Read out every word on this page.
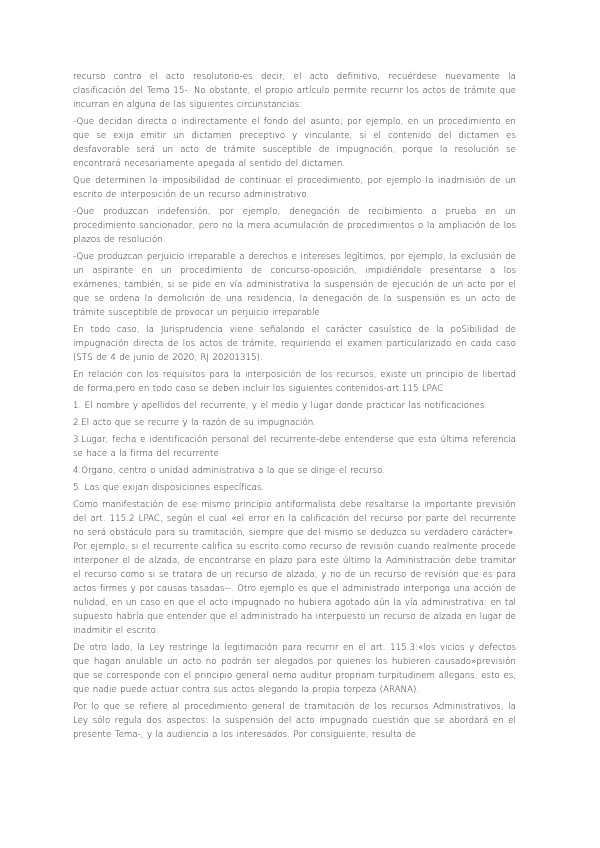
recurso contra el acto resolutorio-es decir, el acto definitivo, recuérdese nuevamente la clasificación del Tema 15-. No obstante, el propio artículo permite recurrir los actos de trámite que incurran en alguna de las siguientes circunstancias:

-Que decidan directa o indirectamente el fondo del asunto; por ejemplo, en un procedimiento en que se exija emitir un dictamen preceptivo y vinculante, si el contenido del dictamen es desfavorable será un acto de trámite susceptible de impugnación, porque la resolución se encontrará necesariamente apegada al sentido del dictamen.

Que determinen la imposibilidad de continuar el procedimiento, por ejemplo la inadmisión de un escrito de interposición de un recurso administrativo.

-Que produzcan indefensión, por ejemplo, denegación de recibimiento a prueba en un procedimiento sancionador, pero no la mera acumulación de procedimientos o la ampliación de los plazos de resolución.

-Que produzcan perjuicio irreparable a derechos e intereses legítimos, por ejemplo, la exclusión de un aspirante en un procedimiento de concurso-oposición, impidiéndole presentarse a los exámenes; también, si se pide en vía administrativa la suspensión de ejecución de un acto por el que se ordena la demolición de una residencia, la denegación de la suspensión es un acto de trámite susceptible de provocar un perjuicio irreparable

En todo caso, la Jurisprudencia viene señalando el carácter casuístico de la poSibilidad de impugnación directa de los actos de trámite, requiriendo el examen particularizado en cada caso (STS de 4 de junio de 2020, RJ 20201315).

En relación con los requisitos para la interposición de los recursos, existe un principio de libertad de forma,pero en todo caso se deben incluir los siguientes contenidos-art.115 LPAC

1. El nombre y apellidos del recurrente, y el medio y lugar donde practicar las notificaciones.

2.El acto que se recurre y la razón de su impugnación.

3.Lugar, fecha e identificación personal del recurrente-debe entenderse que esta última referencia se hace a la firma del recurrente

4.Organo, centro o unidad administrativa a la que se dirige el recurso.

5. Las que exijan disposiciones específicas.

Como manifestación de ese mismo principio antiformalista debe resaltarse la importante previsión del art. 115.2 LPAC, según el cual «el error en la calificación del recurso por parte del recurrente no será obstáculo para su tramitación, siempre que del mismo se deduzca su verdadero carácter». Por ejemplo, si el recurrente califica su escrito como recurso de revisión cuando realmente procede interponer el de alzada, de encontrarse en plazo para este último la Administración debe tramitar el recurso como si se tratara de un recurso de alzada, y no de un recurso de revisión que es para actos firmes y por causas tasadas--. Otro ejemplo es que el administrado interponga una acción de nulidad, en un caso en que el acto impugnado no hubiera agotado aún la vía administrativa: en tal supuesto habría que entender que el administrado ha interpuesto un recurso de alzada en lugar de inadmitir el escrito.

De otro lado, la Ley restringe la legitimación para recurrir en el art. 115.3:«los vicios y defectos que hagan anulable un acto no podrán ser alegados por quienes los hubieren causado»previsión que se corresponde con el principio general nemo auditur propriam turpitudinem allegans, esto es, que nadie puede actuar contra sus actos alegando la propia torpeza (ARANA).

Por lo que se refiere al procedimiento general de tramitación de los recursos Administrativos, la Ley sólo regula dos aspectos: la suspensión del acto impugnado cuestión que se abordará en el presente Tema-, y la audiencia a los interesados. Por consiguiente, resulta de
